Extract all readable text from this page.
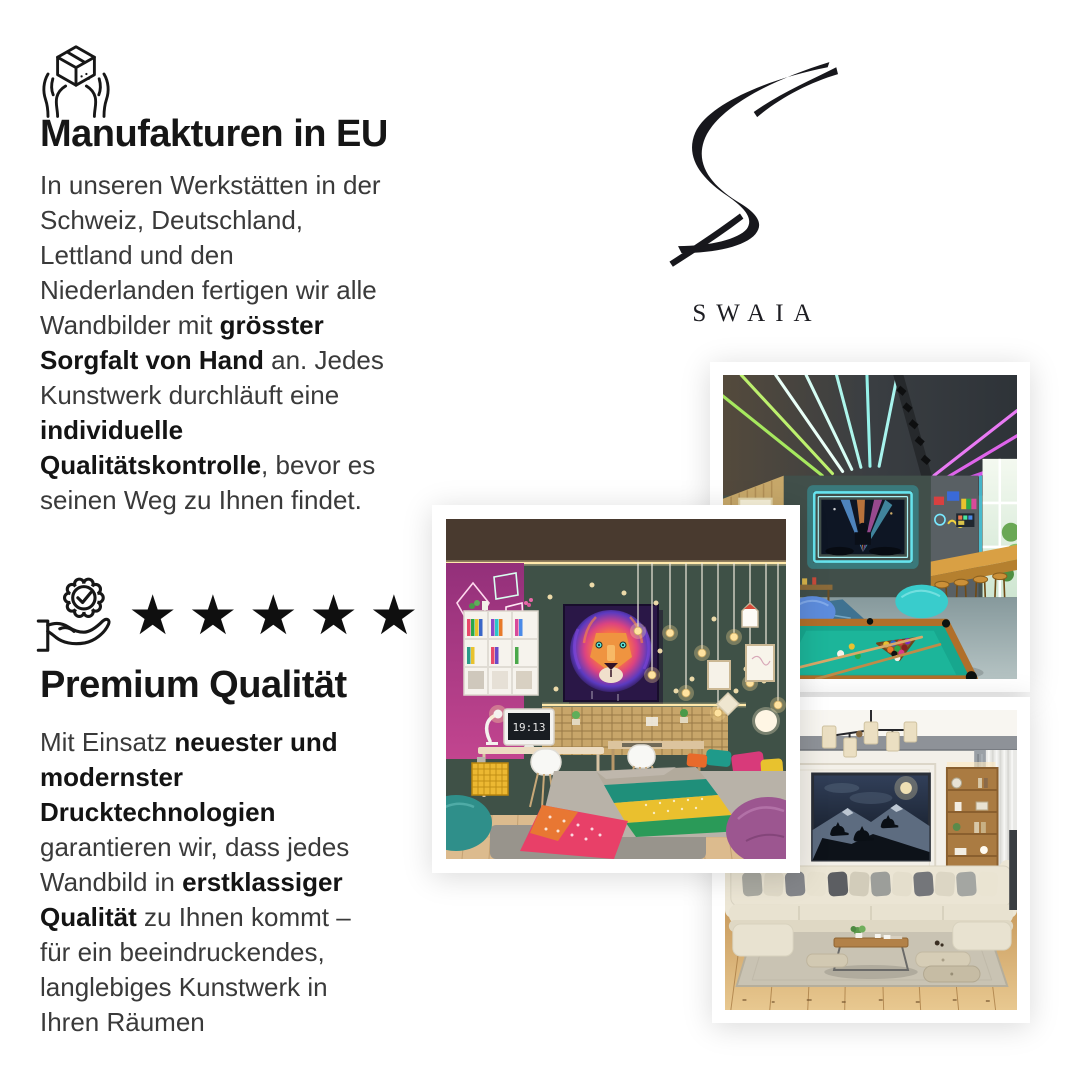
Manufakturen in EU
In unseren Werkstätten in der
Schweiz, Deutschland,
Lettland und den
Niederlanden fertigen wir alle
Wandbilder mit grösster
Sorgfalt von Hand an. Jedes
Kunstwerk durchläuft eine
individuelle
Qualitätskontrolle, bevor es
seinen Weg zu Ihnen findet.
SWAIA
★★★★★
Premium Qualität
Mit Einsatz neuester und
modernster
Drucktechnologien
garantieren wir, dass jedes
Wandbild in erstklassiger
Qualität zu Ihnen kommt –
für ein beeindruckendes,
langlebiges Kunstwerk in
Ihren Räumen
19:13
